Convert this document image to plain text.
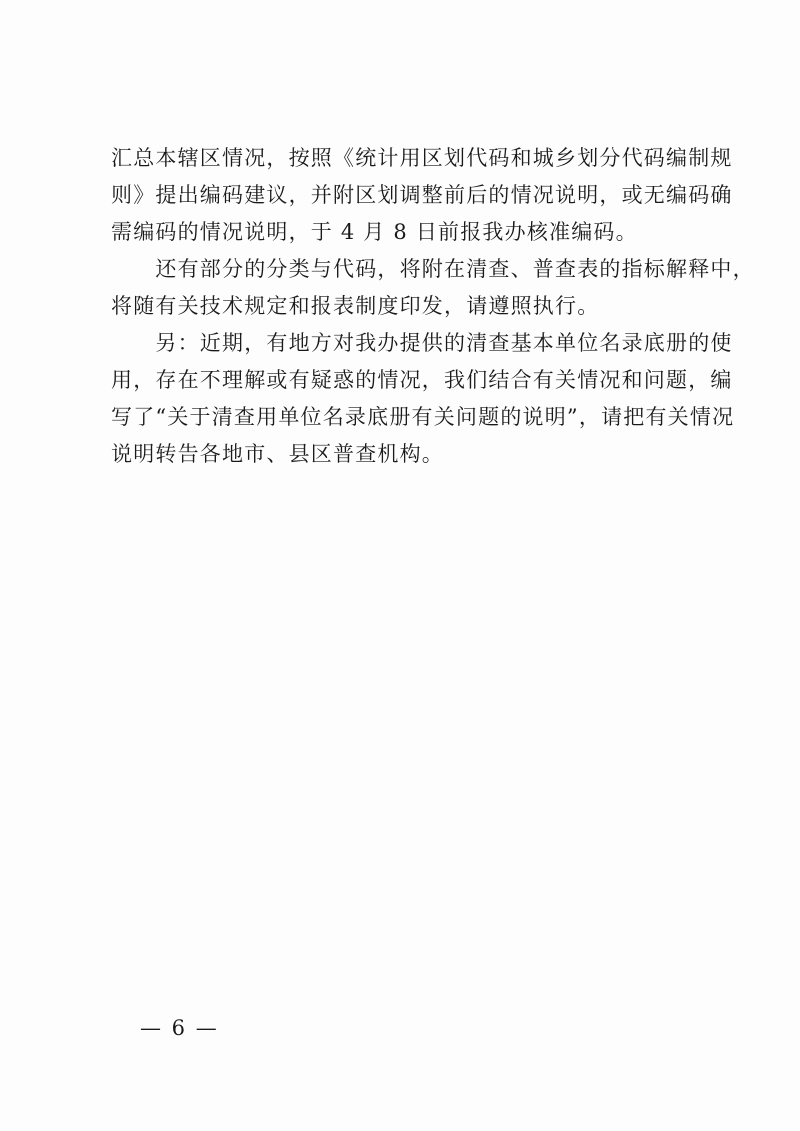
汇总本辖区情况，按照《统计用区划代码和城乡划分代码编制规
则》提出编码建议，并附区划调整前后的情况说明，或无编码确
需编码的情况说明，于 4 月 8 日前报我办核准编码。
　　还有部分的分类与代码，将附在清查、普查表的指标解释中，
将随有关技术规定和报表制度印发，请遵照执行。
　　另：近期，有地方对我办提供的清查基本单位名录底册的使
用，存在不理解或有疑惑的情况，我们结合有关情况和问题，编
写了“关于清查用单位名录底册有关问题的说明”，请把有关情况
说明转告各地市、县区普查机构。
— 6 —
